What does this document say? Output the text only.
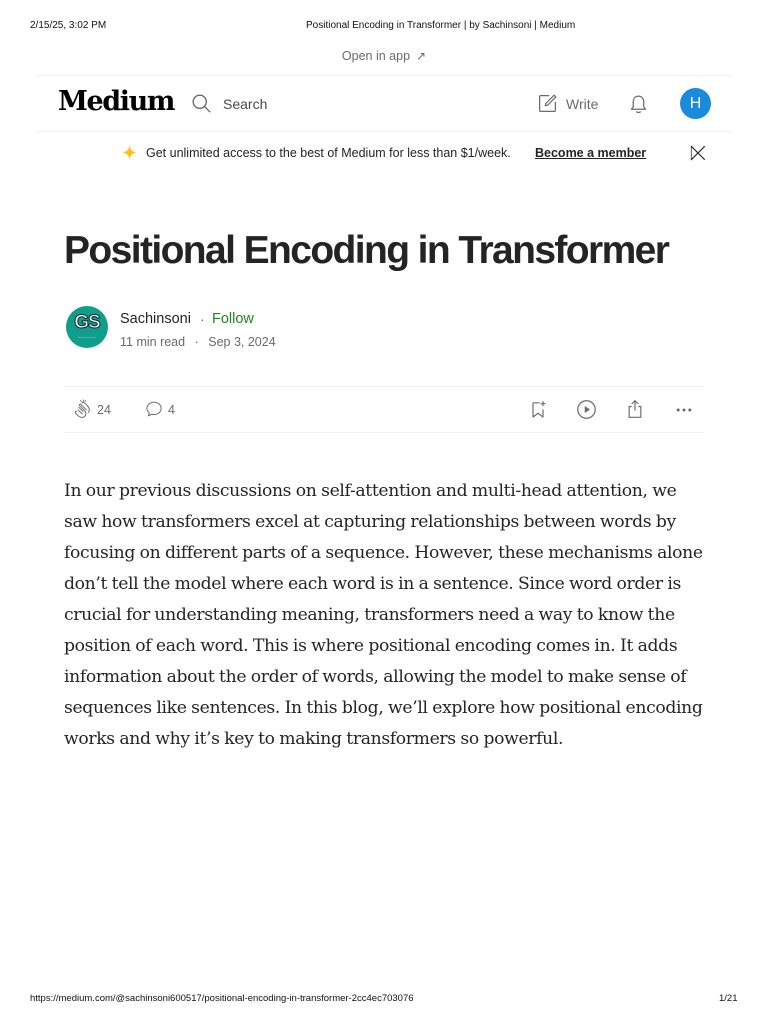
2/15/25, 3:02 PM	Positional Encoding in Transformer | by Sachinsoni | Medium
Open in app ↗
Medium	Search	Write	H
Get unlimited access to the best of Medium for less than $1/week. Become a member
Positional Encoding in Transformer
GS
~~~~~~~~
Sachinsoni · Follow
11 min read · Sep 3, 2024
24	4
In our previous discussions on self-attention and multi-head attention, we saw how transformers excel at capturing relationships between words by focusing on different parts of a sequence. However, these mechanisms alone don’t tell the model where each word is in a sentence. Since word order is crucial for understanding meaning, transformers need a way to know the position of each word. This is where positional encoding comes in. It adds information about the order of words, allowing the model to make sense of sequences like sentences. In this blog, we’ll explore how positional encoding works and why it’s key to making transformers so powerful.
https://medium.com/@sachinsoni600517/positional-encoding-in-transformer-2cc4ec703076	1/21
